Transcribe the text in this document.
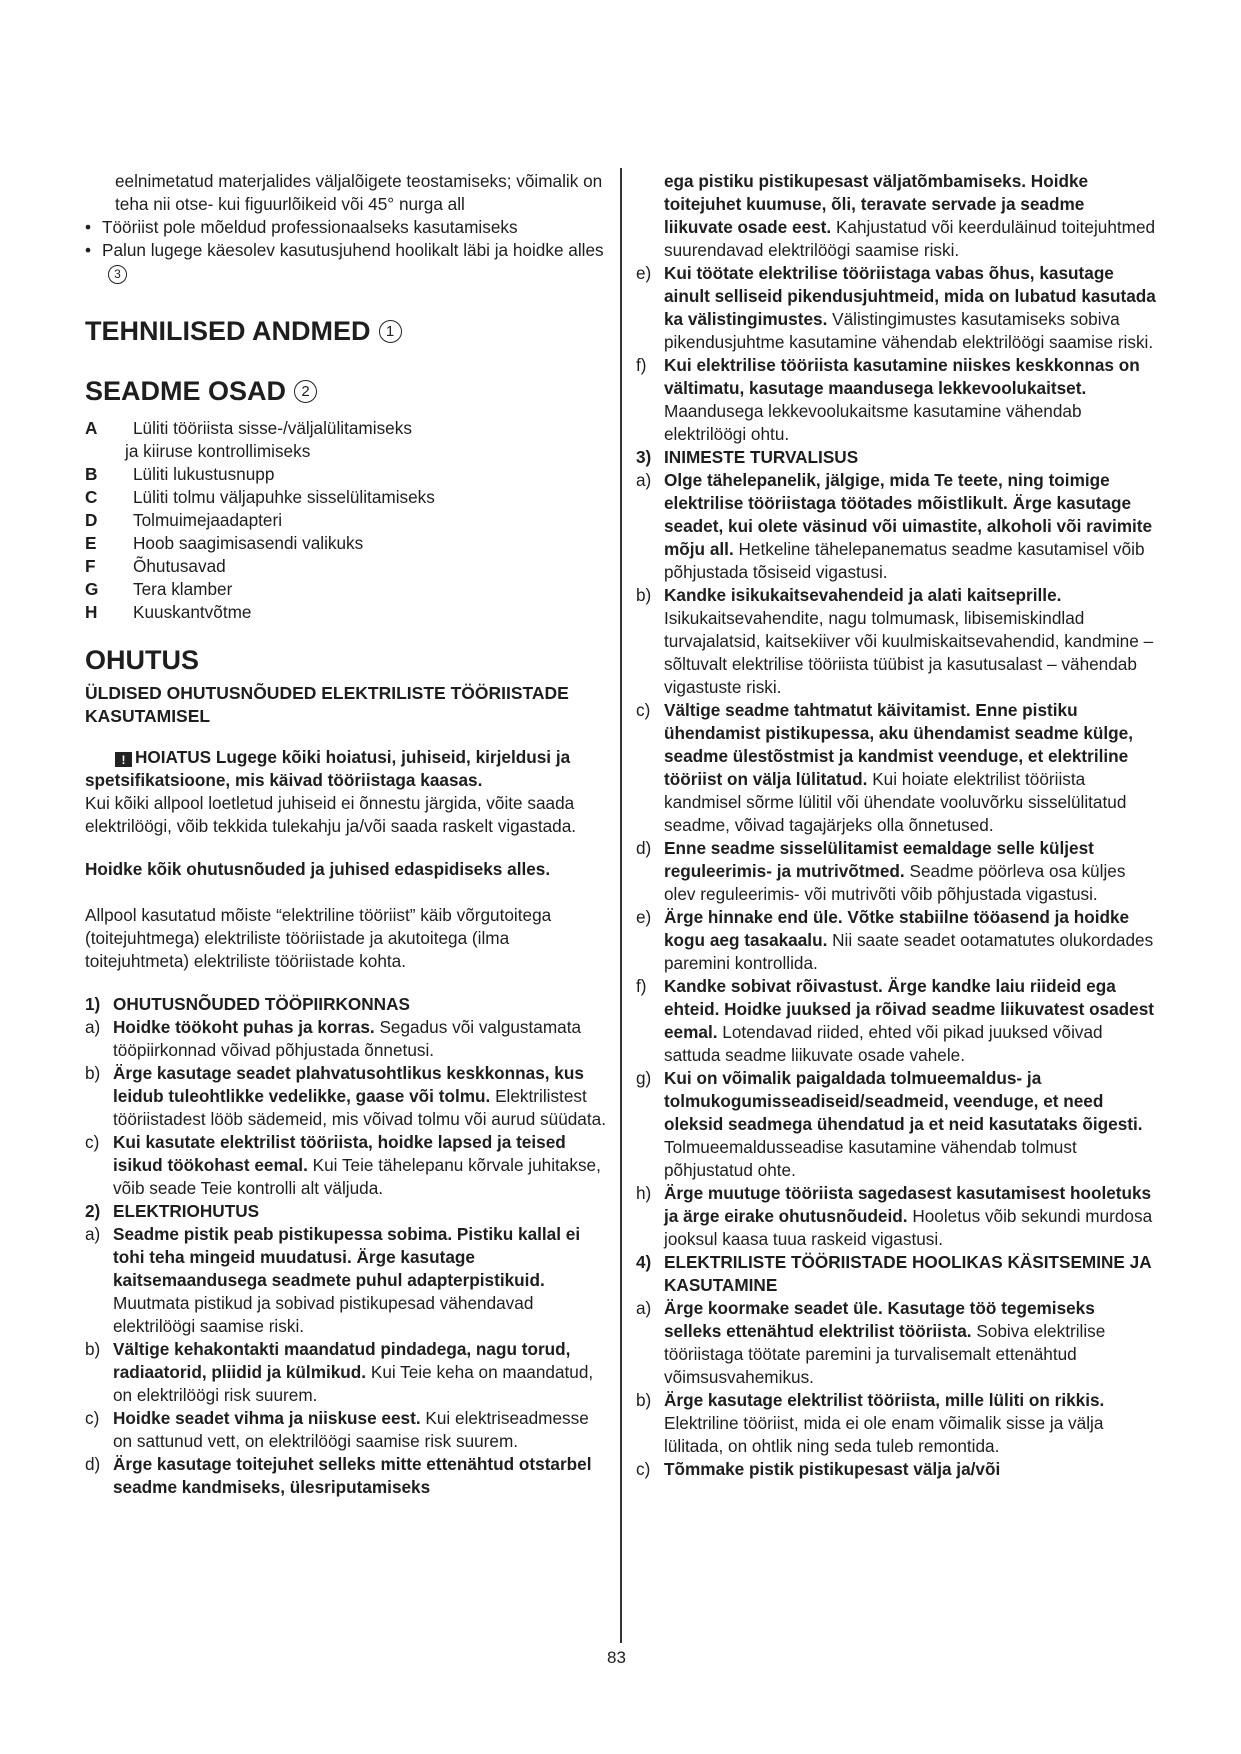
eelnimetatud materjalides väljalõigete teostamiseks; võimalik on teha nii otse- kui figuurlõikeid või 45° nurga all
• Tööriist pole mõeldud professionaalseks kasutamiseks
• Palun lugege käesolev kasutusjuhend hoolikalt läbi ja hoidke alles 3
TEHNILISED ANDMED	1
SEADME OSAD	2
A	Lüliti tööriista sisse-/väljalülitamiseks
ja kiiruse kontrollimiseks
B	Lüliti lukustusnupp
C	Lüliti tolmu väljapuhke sisselülitamiseks
D	Tolmuimejaadapteri
E	Hoob saagimisasendi valikuks
F	Õhutusavad
G	Tera klamber
H	Kuuskantvõtme
OHUTUS
ÜLDISED OHUTUSNÕUDED ELEKTRILISTE TÖÖRIISTADE KASUTAMISEL
! HOIATUS Lugege kõiki hoiatusi, juhiseid, kirjeldusi ja spetsifikatsioone, mis käivad tööriistaga kaasas.
Kui kõiki allpool loetletud juhiseid ei õnnestu järgida, võite saada elektrilöögi, võib tekkida tulekahju ja/või saada raskelt vigastada.
Hoidke kõik ohutusnõuded ja juhised edaspidiseks alles.
Allpool kasutatud mõiste “elektriline tööriist” käib võrgutoitega (toitejuhtmega) elektriliste tööriistade ja akutoitega (ilma toitejuhtmeta) elektriliste tööriistade kohta.
1) OHUTUSNÕUDED TÖÖPIIRKONNAS
a) Hoidke töökoht puhas ja korras. Segadus või valgustamata tööpiirkonnad võivad põhjustada õnnetusi.
b) Ärge kasutage seadet plahvatusohtlikus keskkonnas, kus leidub tuleohtlikke vedelikke, gaase või tolmu. Elektrilistest tööriistadest lööb sädemeid, mis võivad tolmu või aurud süüdata.
c) Kui kasutate elektrilist tööriista, hoidke lapsed ja teised isikud töökohast eemal. Kui Teie tähelepanu kõrvale juhitakse, võib seade Teie kontrolli alt väljuda.
2) ELEKTRIOHUTUS
a) Seadme pistik peab pistikupessa sobima. Pistiku kallal ei tohi teha mingeid muudatusi. Ärge kasutage kaitsemaandusega seadmete puhul adapterpistikuid. Muutmata pistikud ja sobivad pistikupesad vähendavad elektrilöögi saamise riski.
b) Vältige kehakontakti maandatud pindadega, nagu torud, radiaatorid, pliidid ja külmikud. Kui Teie keha on maandatud, on elektrilöögi risk suurem.
c) Hoidke seadet vihma ja niiskuse eest. Kui elektriseadmesse on sattunud vett, on elektrilöögi saamise risk suurem.
d) Ärge kasutage toitejuhet selleks mitte ettenähtud otstarbel seadme kandmiseks, ülesriputamiseks
ega pistiku pistikupesast väljatõmbamiseks. Hoidke toitejuhet kuumuse, õli, teravate servade ja seadme liikuvate osade eest. Kahjustatud või keerduläinud toitejuhtmed suurendavad elektrilöögi saamise riski.
e) Kui töötate elektrilise tööriistaga vabas õhus, kasutage ainult selliseid pikendusjuhtmeid, mida on lubatud kasutada ka välistingimustes. Välistingimustes kasutamiseks sobiva pikendusjuhtme kasutamine vähendab elektrilöögi saamise riski.
f)	Kui elektrilise tööriista kasutamine niiskes keskkonnas on vältimatu, kasutage maandusega lekkevoolukaitset. Maandusega lekkevoolukaitsme kasutamine vähendab elektrilöögi ohtu.
3) INIMESTE TURVALISUS
a) Olge tähelepanelik, jälgige, mida Te teete, ning toimige elektrilise tööriistaga töötades mõistlikult. Ärge kasutage seadet, kui olete väsinud või uimastite, alkoholi või ravimite mõju all. Hetkeline tähelepanematus seadme kasutamisel võib põhjustada tõsiseid vigastusi.
b) Kandke isikukaitsevahendeid ja alati kaitseprille. Isikukaitsevahendite, nagu tolmumask, libisemiskindlad turvajalatsid, kaitsekiiver või kuulmiskaitsevahendid, kandmine – sõltuvalt elektrilise tööriista tüübist ja kasutusalast – vähendab vigastuste riski.
c) Vältige seadme tahtmatut käivitamist. Enne pistiku ühendamist pistikupessa, aku ühendamist seadme külge, seadme ülestõstmist ja kandmist veenduge, et elektriline tööriist on välja lülitatud. Kui hoiate elektrilist tööriista kandmisel sõrme lülitil või ühendate vooluvõrku sisselülitatud seadme, võivad tagajärjeks olla õnnetused.
d) Enne seadme sisselülitamist eemaldage selle küljest reguleerimis- ja mutrivõtmed. Seadme pöörleva osa küljes olev reguleerimis- või mutrivõti võib põhjustada vigastusi.
e) Ärge hinnake end üle. Võtke stabiilne tööasend ja hoidke kogu aeg tasakaalu. Nii saate seadet ootamatutes olukordades paremini kontrollida.
f)	Kandke sobivat rõivastust. Ärge kandke laiu riideid ega ehteid. Hoidke juuksed ja rõivad seadme liikuvatest osadest eemal. Lotendavad riided, ehted või pikad juuksed võivad sattuda seadme liikuvate osade vahele.
g) Kui on võimalik paigaldada tolmueemaldus- ja tolmukogumisseadiseid/seadmeid, veenduge, et need oleksid seadmega ühendatud ja et neid kasutataks õigesti. Tolmueemaldusseadise kasutamine vähendab tolmust põhjustatud ohte.
h) Ärge muutuge tööriista sagedasest kasutamisest hooletuks ja ärge eirake ohutusnõudeid. Hooletus võib sekundi murdosa jooksul kaasa tuua raskeid vigastusi.
4) ELEKTRILISTE TÖÖRIISTADE HOOLIKAS KÄSITSEMINE JA KASUTAMINE
a) Ärge koormake seadet üle. Kasutage töö tegemiseks selleks ettenähtud elektrilist tööriista. Sobiva elektrilise tööriistaga töötate paremini ja turvalisemalt ettenähtud võimsusvahemikus.
b) Ärge kasutage elektrilist tööriista, mille lüliti on rikkis. Elektriline tööriist, mida ei ole enam võimalik sisse ja välja lülitada, on ohtlik ning seda tuleb remontida.
c) Tõmmake pistik pistikupesast välja ja/või
83
